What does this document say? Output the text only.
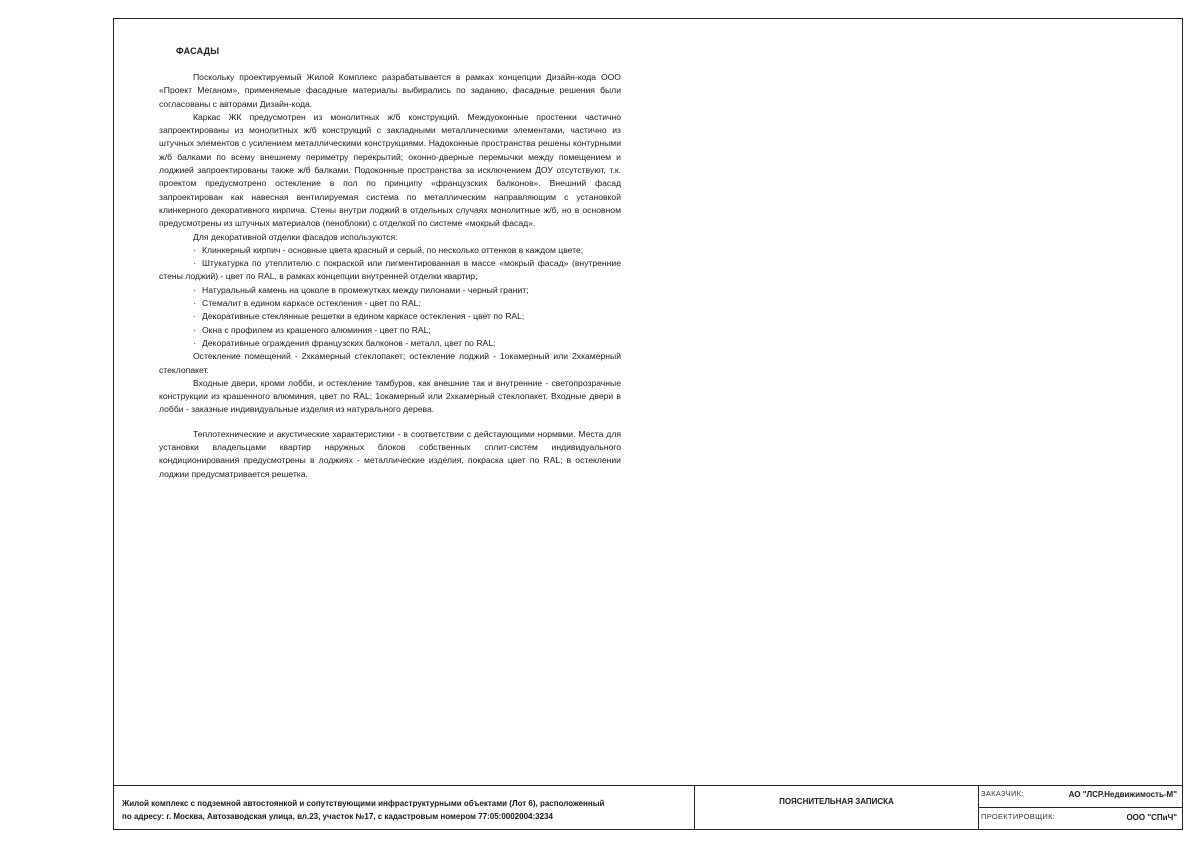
ФАСАДЫ

Поскольку проектируемый Жилой Комплекс разрабатывается в рамках концепции Дизайн-кода ООО «Проект Меганом», применяемые фасадные материалы выбирались по заданию, фасадные решения были согласованы с авторами Дизайн-кода.

Каркас ЖК предусмотрен из монолитных ж/б конструкций. Междуоконные простенки частично запроектированы из монолитных ж/б конструкций с закладными металлическими элементами, частично из штучных элементов с усилением металлическими конструкциями. Надоконные пространства решены контурными ж/б балками по всему внешнему периметру перекрытий; оконно-дверные перемычки между помещением и лоджией запроектированы также ж/б балками. Подоконные пространства за исключением ДОУ отсутствуют, т.к. проектом предусмотрено остекление в пол по принципу «французских балконов». Внешний фасад запроектирован как навесная вентилируемая система по металлическим направляющим с установкой клинкерного декоративного кирпича. Стены внутри лоджий в отдельных случаях монолитные ж/б, но в основном предусмотрены из штучных материалов (пеноблоки) с отделкой по системе «мокрый фасад».

Для декоративной отделки фасадов используются:

· Клинкерный кирпич - основные цвета красный и серый, по несколько оттенков в каждом цвете;
· Штукатурка по утеплителю с покраской или пигментированная в массе «мокрый фасад» (внутренние стены лоджий) - цвет по RAL, в рамках концепции внутренней отделки квартир;
· Натуральный камень на цоколе в промежутках между пилонами - черный гранит;
· Стемалит в едином каркасе остекления - цвет по RAL;
· Декоративные стеклянные решетки в едином каркасе остекления - цвет по RAL;
· Окна с профилем из крашеного алюминия - цвет по RAL;
· Декоративные ограждения французских балконов - металл, цвет по RAL;

Остекление помещений - 2хкамерный стеклопакет; остекление лоджий - 1окамерный или 2хкамерный стеклопакет.

Входные двери, кроми лобби, и остекление тамбуров, как внешние так и внутренние - светопрозрачные конструкции из крашенного влюминия, цвет по RAL; 1окамерный или 2хкамерный стеклопакет. Входные двери в лобби - заказные индивидуальные изделия из натурального дерева.

Теплотехнические и акустические характеристики - в соответствии с дейстаующими нормвми. Места для установки владельцами квартир наружных блоков собственных сплит-систем индивидуального кондиционирования предусмотрены в лоджиях - металлические изделия, покраска цвет по RAL; в остеклении лоджии предусматривается решетка.

Жилой комплекс с подземной автостоянкой и сопутствующими инфраструктурными объектами (Лот 6), расположенный
по адресу: г. Москва, Автозаводская улица, вл.23, участок №17, с кадастровым номером 77:05:0002004:3234
ПОЯСНИТЕЛЬНАЯ ЗАПИСКА
ЗАКАЗЧИК:	АО "ЛСР.Недвижимость-М"
ПРОЕКТИРОВЩИК:	ООО "СПиЧ"
